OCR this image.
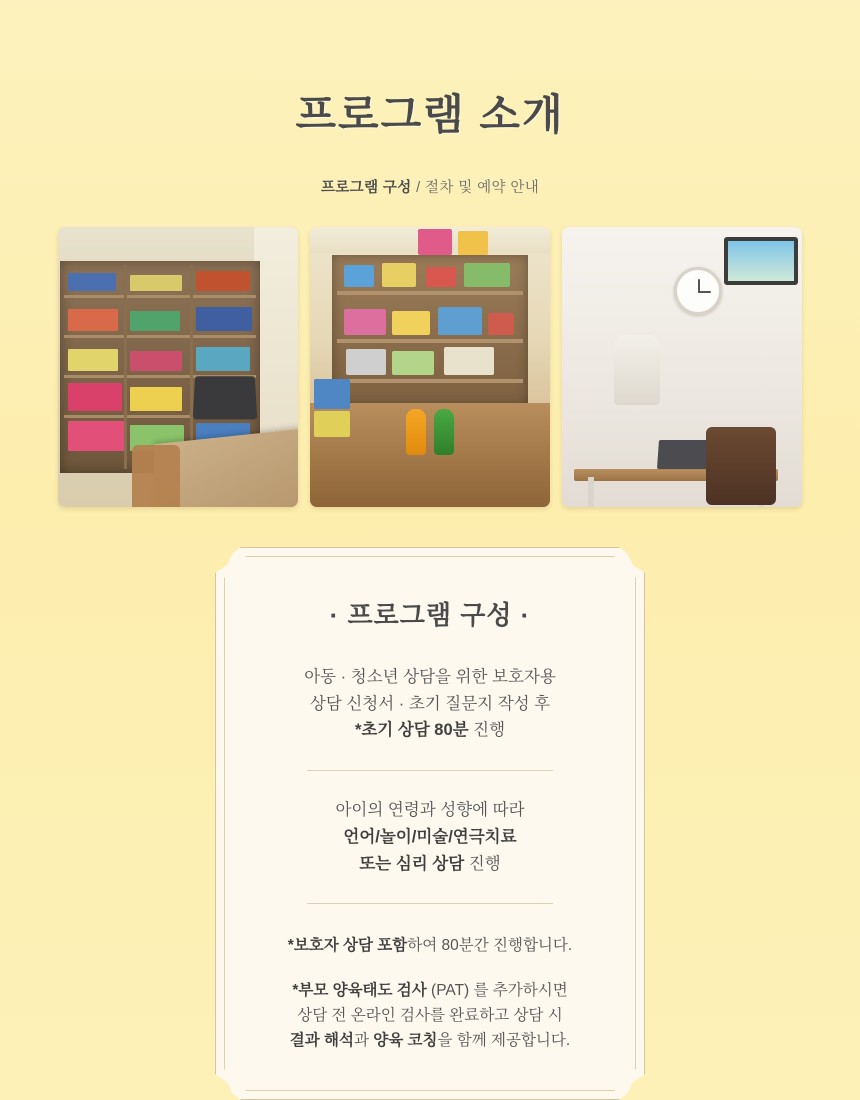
프로그램 소개
프로그램 구성 / 절차 및 예약 안내
· 프로그램 구성 ·
아동 · 청소년 상담을 위한 보호자용
상담 신청서 · 초기 질문지 작성 후
*초기 상담 80분 진행
아이의 연령과 성향에 따라
언어/놀이/미술/연극치료
또는 심리 상담 진행
*보호자 상담 포함하여 80분간 진행합니다.
*부모 양육태도 검사 (PAT) 를 추가하시면
상담 전 온라인 검사를 완료하고 상담 시
결과 해석과 양육 코칭을 함께 제공합니다.
